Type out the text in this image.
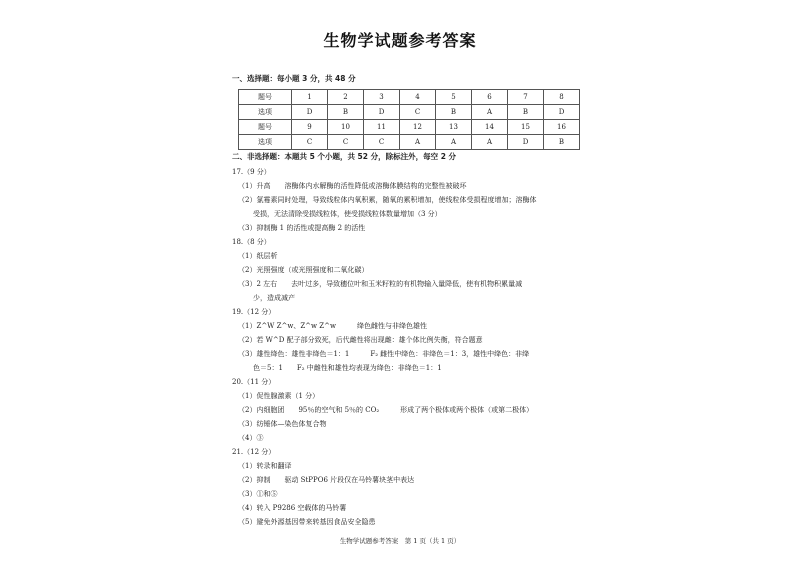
生物学试题参考答案
一、选择题：每小题 3 分，共 48 分
题号	1	2	3	4	5	6	7	8
选项	D	B	D	C	B	A	B	D
题号	9	10	11	12	13	14	15	16
选项	C	C	C	A	A	A	D	B
二、非选择题：本题共 5 个小题，共 52 分，除标注外，每空 2 分
17.（9 分）
（1）升高　　溶酶体内水解酶的活性降低或溶酶体膜结构的完整性被破坏
（2）氯霉素同时处理，导致线粒体内氧积累，随氧的累积增加，使线粒体受损程度增加；溶酶体
受损，无法清除受损线粒体，使受损线粒体数量增加（3 分）
（3）抑制酶 1 的活性或提高酶 2 的活性
18.（8 分）
（1）纸层析
（2）光照强度（或光照强度和二氧化碳）
（3）2 左右　　去叶过多，导致穗位叶和玉米籽粒的有机物输入量降低，使有机物积累量减
少，造成减产
19.（12 分）
（1）Z^W Z^w、Z^w Z^w　　　绛色雌性与非绛色雄性
（2）若 W^D 配子部分致死，后代雌性将出现雌：雄个体比例失衡，符合题意
（3）雄性绛色：雄性非绛色＝1：1　　　F₂ 雌性中绛色：非绛色＝1：3，雄性中绛色：非绛
色＝5：1　　F₂ 中雌性和雄性均表现为绛色：非绛色＝1：1
20.（11 分）
（1）促性腺激素（1 分）
（2）内细胞团　　95％的空气和 5％的 CO₂　　　形成了两个极体或两个极体（或第二极体）
（3）纺锤体—染色体复合物
（4）③
21.（12 分）
（1）转录和翻译
（2）抑制　　驱动 StPPO6 片段仅在马铃薯块茎中表达
（3）①和⑤
（4）转入 P9286 空载体的马铃薯
（5）避免外源基因带来转基因食品安全隐患
生物学试题参考答案　第 1 页（共 1 页）
